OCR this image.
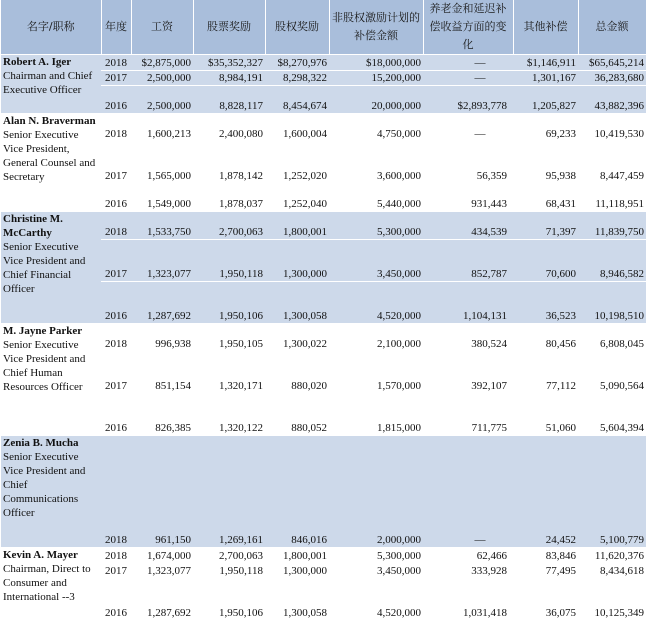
名字/职称	年度	工资	股票奖励	股权奖励	非股权激励计划的补偿金额	养老金和延迟补偿收益方面的变化	其他补偿	总金额

Robert A. Iger
Chairman and Chief Executive Officer	2018	$2,875,000	$35,352,327	$8,270,976	$18,000,000	—	$1,146,911	$65,645,214
	2017	2,500,000	8,984,191	8,298,322	15,200,000	—	1,301,167	36,283,680
	2016	2,500,000	8,828,117	8,454,674	20,000,000	$2,893,778	1,205,827	43,882,396

Alan N. Braverman
Senior Executive Vice President, General Counsel and Secretary	2018	1,600,213	2,400,080	1,600,004	4,750,000	—	69,233	10,419,530
	2017	1,565,000	1,878,142	1,252,020	3,600,000	56,359	95,938	8,447,459
	2016	1,549,000	1,878,037	1,252,040	5,440,000	931,443	68,431	11,118,951

Christine M. McCarthy
Senior Executive Vice President and Chief Financial Officer	2018	1,533,750	2,700,063	1,800,001	5,300,000	434,539	71,397	11,839,750
	2017	1,323,077	1,950,118	1,300,000	3,450,000	852,787	70,600	8,946,582
	2016	1,287,692	1,950,106	1,300,058	4,520,000	1,104,131	36,523	10,198,510

M. Jayne Parker
Senior Executive Vice President and Chief Human Resources Officer	2018	996,938	1,950,105	1,300,022	2,100,000	380,524	80,456	6,808,045
	2017	851,154	1,320,171	880,020	1,570,000	392,107	77,112	5,090,564
	2016	826,385	1,320,122	880,052	1,815,000	711,775	51,060	5,604,394

Zenia B. Mucha
Senior Executive Vice President and Chief Communications Officer	2018	961,150	1,269,161	846,016	2,000,000	—	24,452	5,100,779

Kevin A. Mayer
Chairman, Direct to Consumer and International --3	2018	1,674,000	2,700,063	1,800,001	5,300,000	62,466	83,846	11,620,376
	2017	1,323,077	1,950,118	1,300,000	3,450,000	333,928	77,495	8,434,618
	2016	1,287,692	1,950,106	1,300,058	4,520,000	1,031,418	36,075	10,125,349
